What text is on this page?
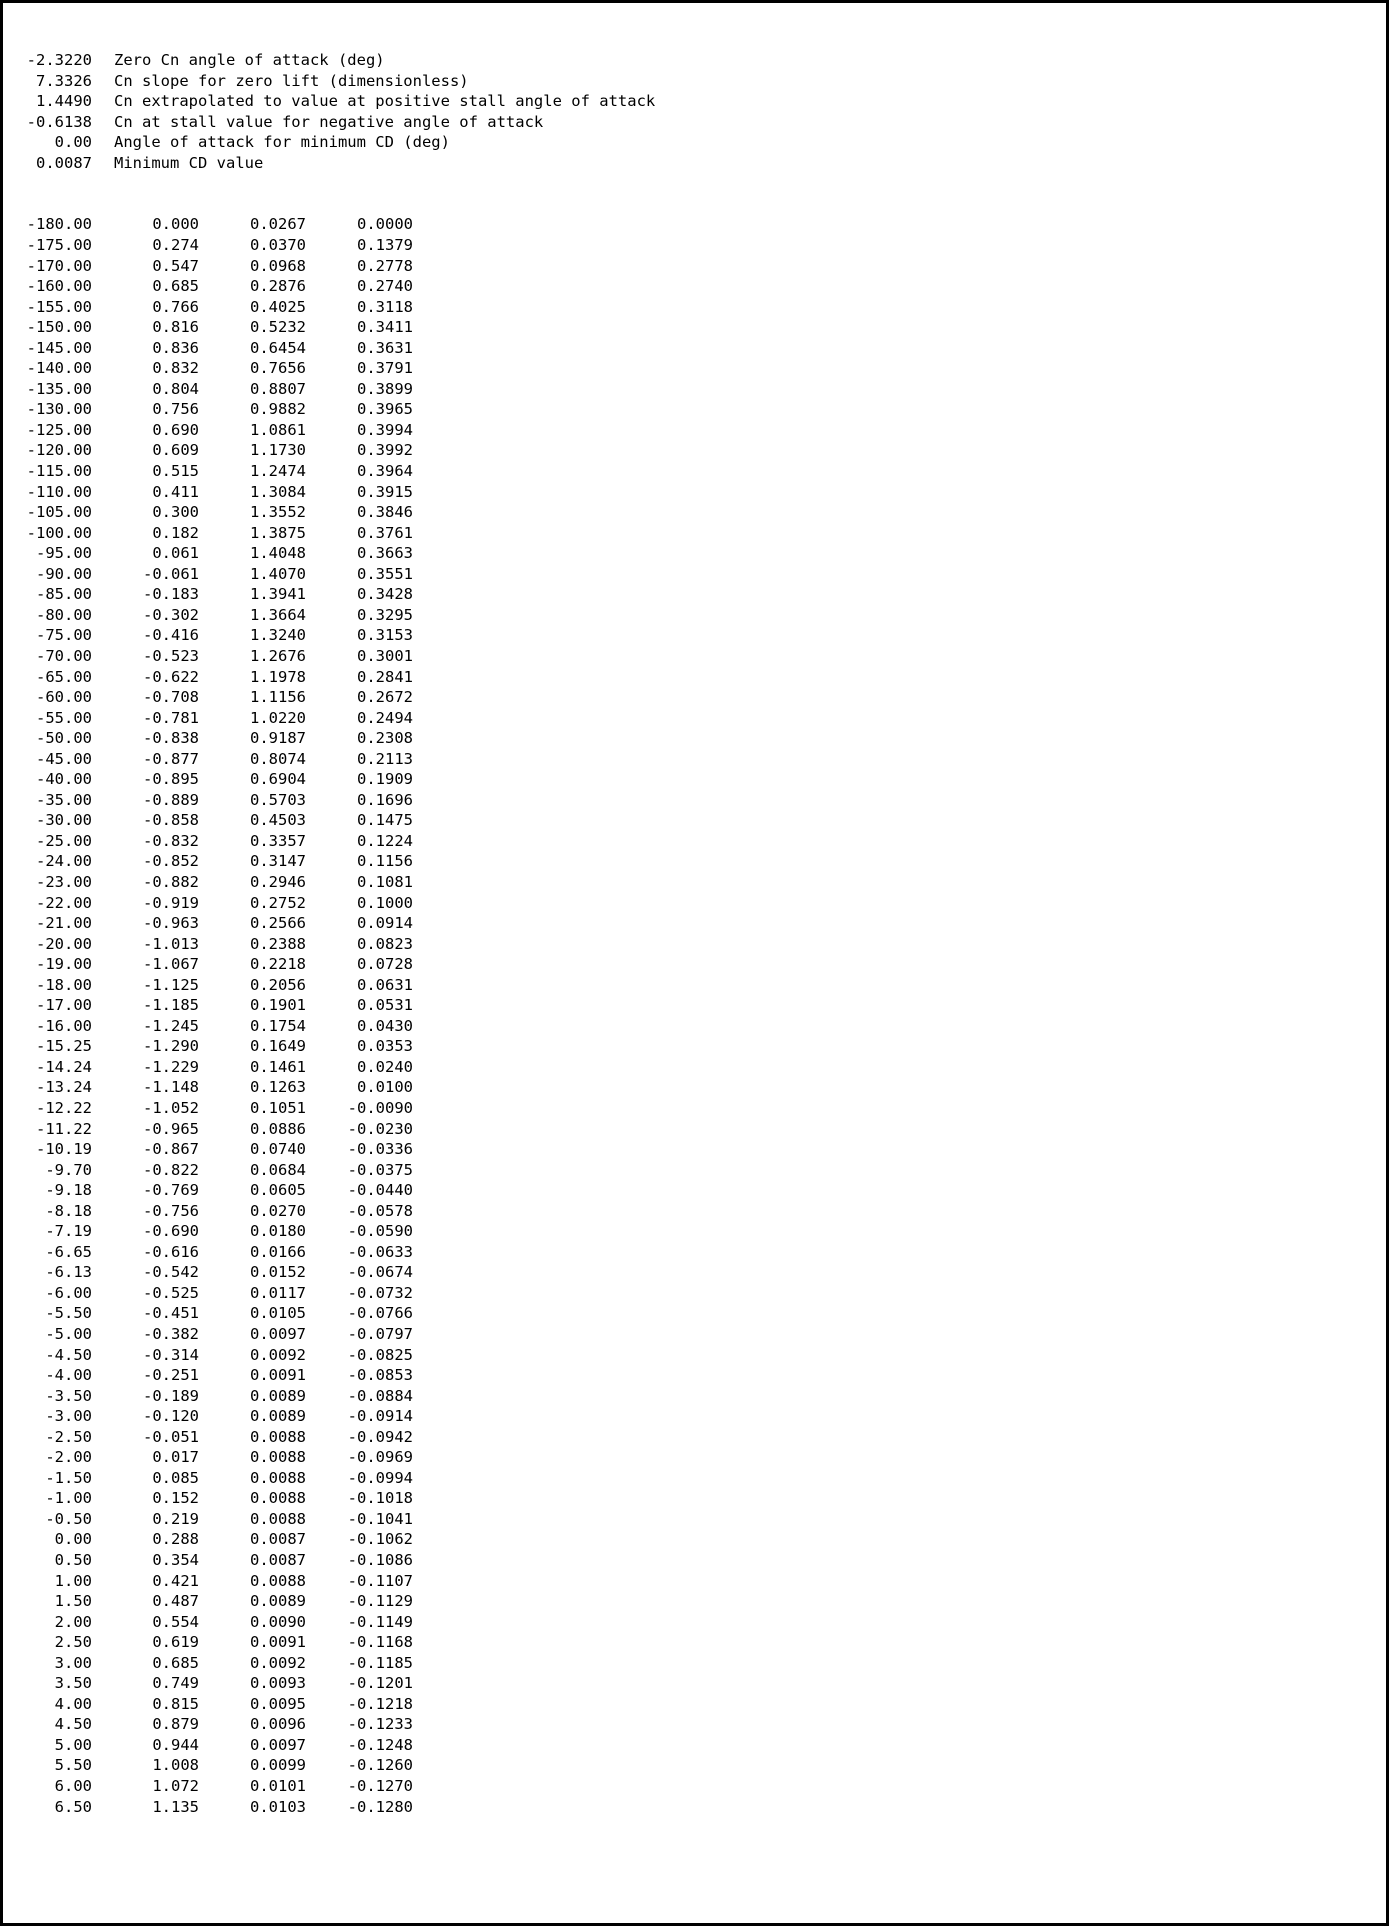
-2.3220 Zero Cn angle of attack (deg)
7.3326 Cn slope for zero lift (dimensionless)
1.4490 Cn extrapolated to value at positive stall angle of attack
-0.6138 Cn at stall value for negative angle of attack
0.00 Angle of attack for minimum CD (deg)
0.0087 Minimum CD value

-180.00	0.000	0.0267	0.0000
-175.00	0.274	0.0370	0.1379
-170.00	0.547	0.0968	0.2778
-160.00	0.685	0.2876	0.2740
-155.00	0.766	0.4025	0.3118
-150.00	0.816	0.5232	0.3411
-145.00	0.836	0.6454	0.3631
-140.00	0.832	0.7656	0.3791
-135.00	0.804	0.8807	0.3899
-130.00	0.756	0.9882	0.3965
-125.00	0.690	1.0861	0.3994
-120.00	0.609	1.1730	0.3992
-115.00	0.515	1.2474	0.3964
-110.00	0.411	1.3084	0.3915
-105.00	0.300	1.3552	0.3846
-100.00	0.182	1.3875	0.3761
-95.00	0.061	1.4048	0.3663
-90.00	-0.061	1.4070	0.3551
-85.00	-0.183	1.3941	0.3428
-80.00	-0.302	1.3664	0.3295
-75.00	-0.416	1.3240	0.3153
-70.00	-0.523	1.2676	0.3001
-65.00	-0.622	1.1978	0.2841
-60.00	-0.708	1.1156	0.2672
-55.00	-0.781	1.0220	0.2494
-50.00	-0.838	0.9187	0.2308
-45.00	-0.877	0.8074	0.2113
-40.00	-0.895	0.6904	0.1909
-35.00	-0.889	0.5703	0.1696
-30.00	-0.858	0.4503	0.1475
-25.00	-0.832	0.3357	0.1224
-24.00	-0.852	0.3147	0.1156
-23.00	-0.882	0.2946	0.1081
-22.00	-0.919	0.2752	0.1000
-21.00	-0.963	0.2566	0.0914
-20.00	-1.013	0.2388	0.0823
-19.00	-1.067	0.2218	0.0728
-18.00	-1.125	0.2056	0.0631
-17.00	-1.185	0.1901	0.0531
-16.00	-1.245	0.1754	0.0430
-15.25	-1.290	0.1649	0.0353
-14.24	-1.229	0.1461	0.0240
-13.24	-1.148	0.1263	0.0100
-12.22	-1.052	0.1051	-0.0090
-11.22	-0.965	0.0886	-0.0230
-10.19	-0.867	0.0740	-0.0336
-9.70	-0.822	0.0684	-0.0375
-9.18	-0.769	0.0605	-0.0440
-8.18	-0.756	0.0270	-0.0578
-7.19	-0.690	0.0180	-0.0590
-6.65	-0.616	0.0166	-0.0633
-6.13	-0.542	0.0152	-0.0674
-6.00	-0.525	0.0117	-0.0732
-5.50	-0.451	0.0105	-0.0766
-5.00	-0.382	0.0097	-0.0797
-4.50	-0.314	0.0092	-0.0825
-4.00	-0.251	0.0091	-0.0853
-3.50	-0.189	0.0089	-0.0884
-3.00	-0.120	0.0089	-0.0914
-2.50	-0.051	0.0088	-0.0942
-2.00	0.017	0.0088	-0.0969
-1.50	0.085	0.0088	-0.0994
-1.00	0.152	0.0088	-0.1018
-0.50	0.219	0.0088	-0.1041
0.00	0.288	0.0087	-0.1062
0.50	0.354	0.0087	-0.1086
1.00	0.421	0.0088	-0.1107
1.50	0.487	0.0089	-0.1129
2.00	0.554	0.0090	-0.1149
2.50	0.619	0.0091	-0.1168
3.00	0.685	0.0092	-0.1185
3.50	0.749	0.0093	-0.1201
4.00	0.815	0.0095	-0.1218
4.50	0.879	0.0096	-0.1233
5.00	0.944	0.0097	-0.1248
5.50	1.008	0.0099	-0.1260
6.00	1.072	0.0101	-0.1270
6.50	1.135	0.0103	-0.1280
